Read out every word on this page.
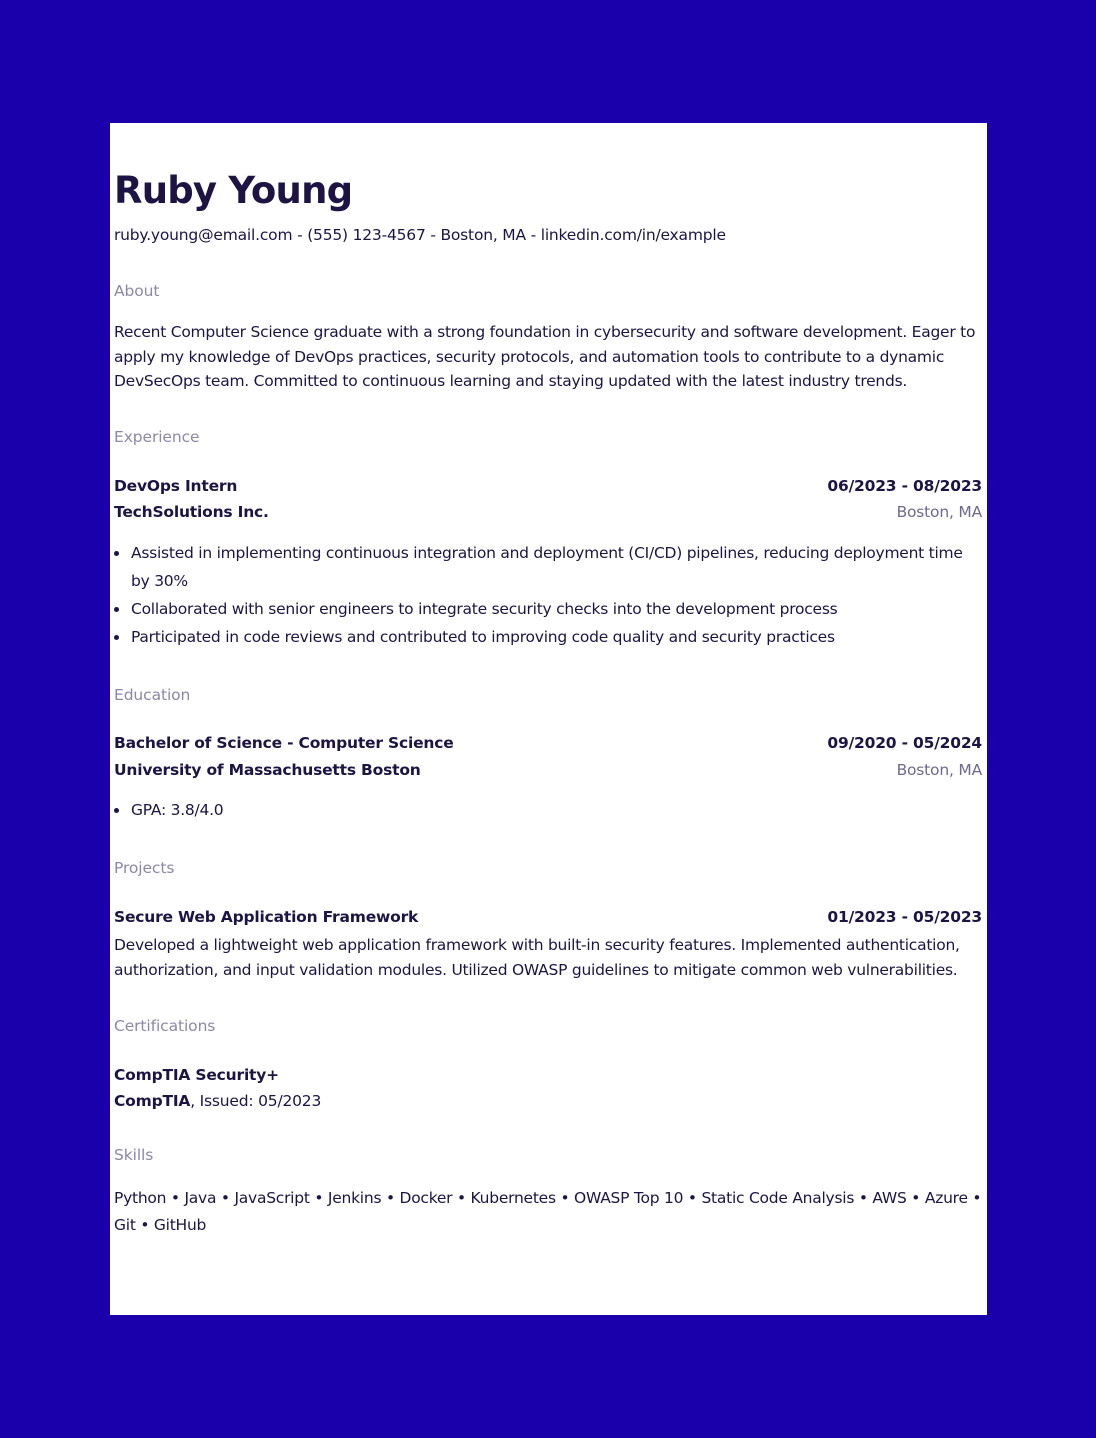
Ruby Young
ruby.young@email.com - (555) 123-4567 - Boston, MA - linkedin.com/in/example
About
Recent Computer Science graduate with a strong foundation in cybersecurity and software development. Eager to apply my knowledge of DevOps practices, security protocols, and automation tools to contribute to a dynamic DevSecOps team. Committed to continuous learning and staying updated with the latest industry trends.
Experience
DevOps Intern	06/2023 - 08/2023
TechSolutions Inc.	Boston, MA
Assisted in implementing continuous integration and deployment (CI/CD) pipelines, reducing deployment time by 30%
Collaborated with senior engineers to integrate security checks into the development process
Participated in code reviews and contributed to improving code quality and security practices
Education
Bachelor of Science - Computer Science	09/2020 - 05/2024
University of Massachusetts Boston	Boston, MA
GPA: 3.8/4.0
Projects
Secure Web Application Framework	01/2023 - 05/2023
Developed a lightweight web application framework with built-in security features. Implemented authentication, authorization, and input validation modules. Utilized OWASP guidelines to mitigate common web vulnerabilities.
Certifications
CompTIA Security+
CompTIA, Issued: 05/2023
Skills
Python • Java • JavaScript • Jenkins • Docker • Kubernetes • OWASP Top 10 • Static Code Analysis • AWS • Azure • Git • GitHub
